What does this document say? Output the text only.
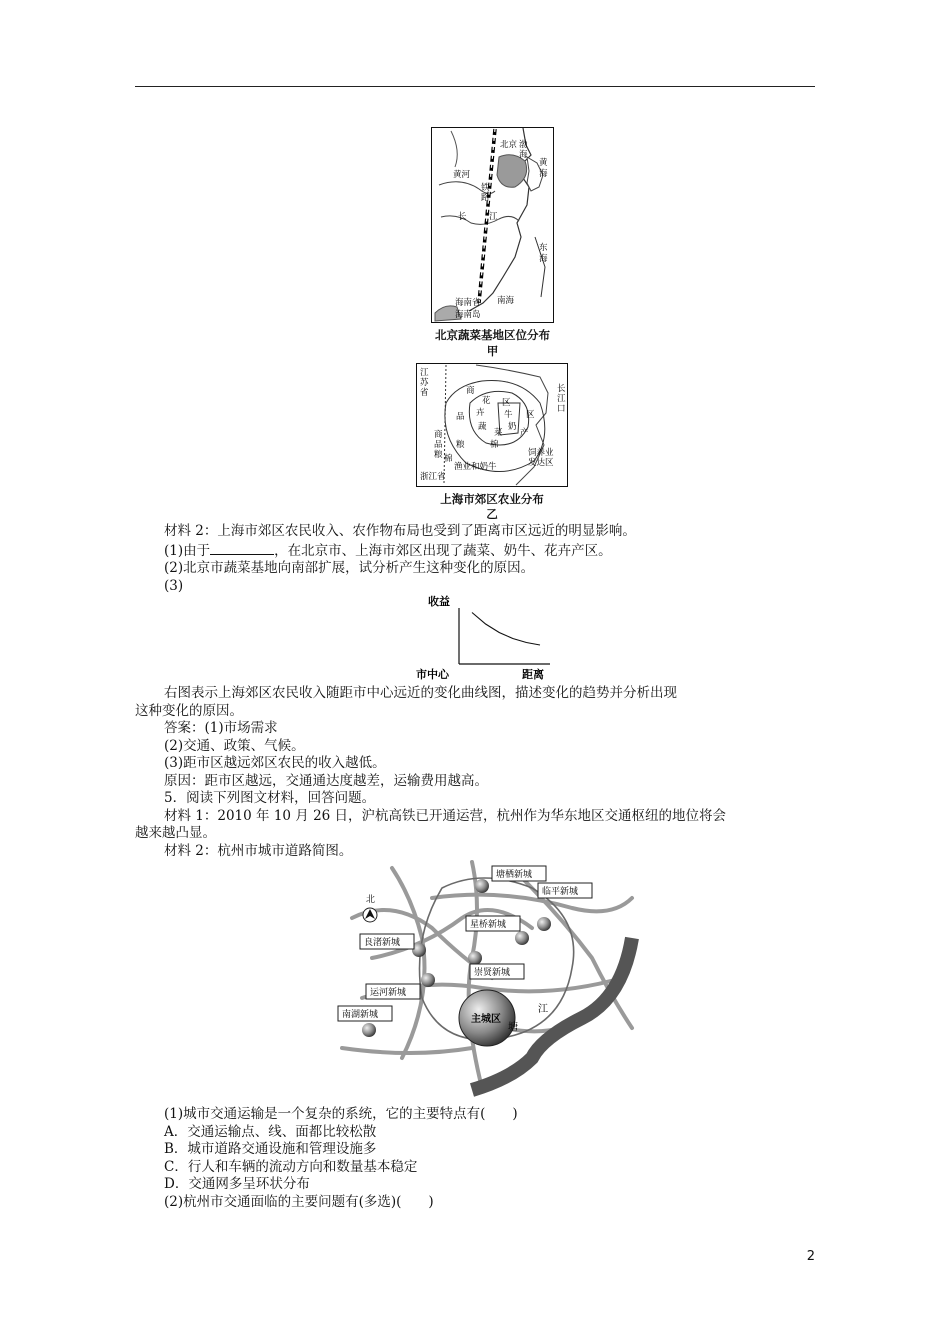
北京 渤
海
黄
海
黄河
铁
路
长	江
东
海
海南省
海南岛
南海
北京蔬菜基地区位分布
甲
江
苏
省	长
江
口
商
品
粮
花
卉
蔬
菜
区
牛
奶
产
区
棉
商
品
粮 棉
渔业和奶牛
饲养业
发达区
浙江省
上海市郊区农业分布
乙

材料 2：上海市郊区农民收入、农作物布局也受到了距离市区远近的明显影响。

(1)由于	，在北京市、上海市郊区出现了蔬菜、奶牛、花卉产区。

(2)北京市蔬菜基地向南部扩展，试分析产生这种变化的原因。

(3)

收益
市中心	距离

右图表示上海郊区农民收入随距市中心远近的变化曲线图，描述变化的趋势并分析出现

这种变化的原因。

答案：(1)市场需求

(2)交通、政策、气候。

(3)距市区越远郊区农民的收入越低。

原因：距市区越远，交通通达度越差，运输费用越高。

5．阅读下列图文材料，回答问题。

材料 1：2010 年 10 月 26 日，沪杭高铁已开通运营，杭州作为华东地区交通枢纽的地位将会

越来越凸显。

材料 2：杭州市城市道路简图。

主城区
塘栖新城
临平新城
星桥新城
良渚新城
崇贤新城
运河新城
南湖新城
北
江
塘
钱

(1)城市交通运输是一个复杂的系统，它的主要特点有(　　)

A．交通运输点、线、面都比较松散

B．城市道路交通设施和管理设施多

C．行人和车辆的流动方向和数量基本稳定

D．交通网多呈环状分布

(2)杭州市交通面临的主要问题有(多选)(　　)

2
